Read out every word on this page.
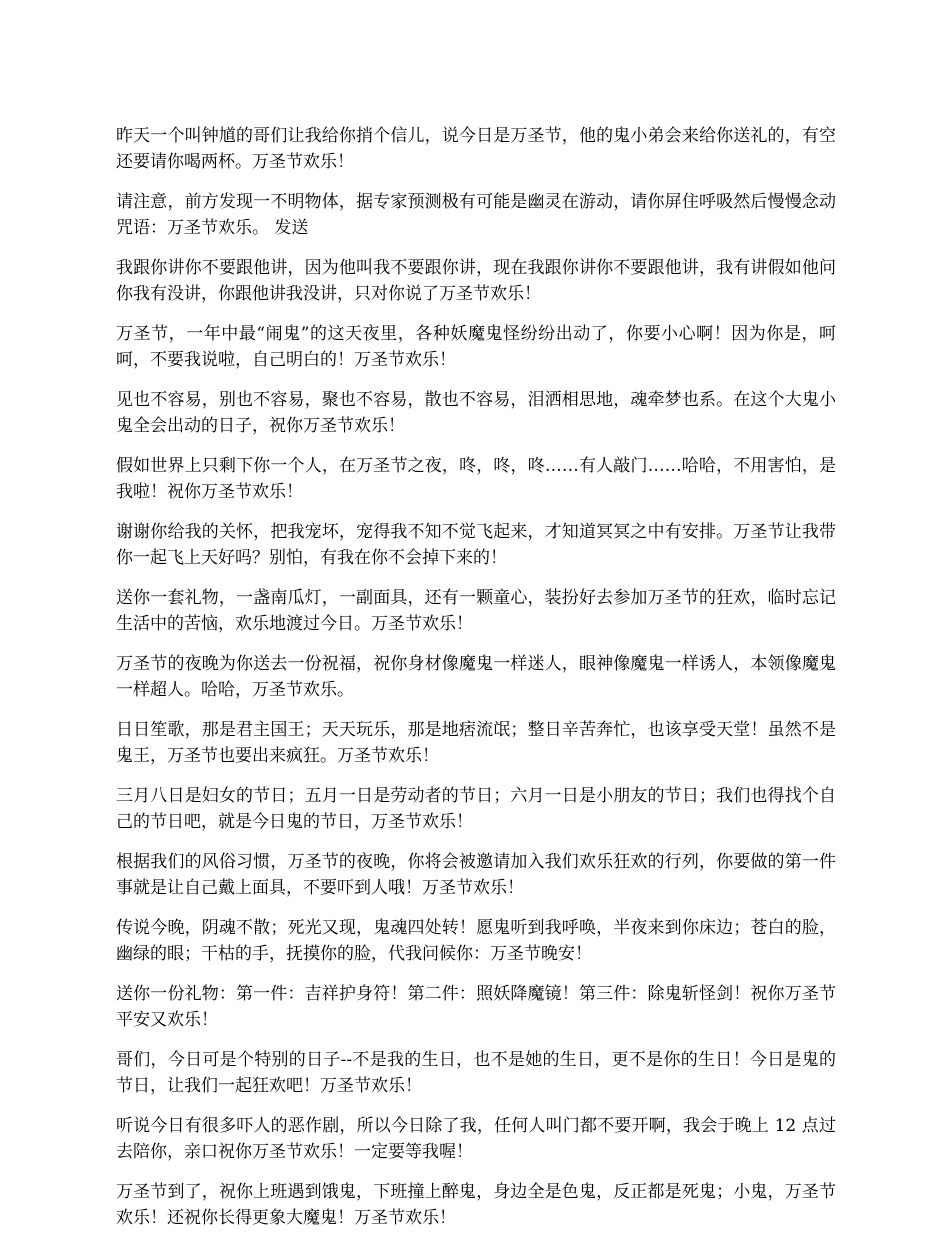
昨天一个叫钟馗的哥们让我给你捎个信儿，说今日是万圣节，他的鬼小弟会来给你送礼的，有空还要请你喝两杯。万圣节欢乐！

请注意，前方发现一不明物体，据专家预测极有可能是幽灵在游动，请你屏住呼吸然后慢慢念动咒语：万圣节欢乐。 发送

我跟你讲你不要跟他讲，因为他叫我不要跟你讲，现在我跟你讲你不要跟他讲，我有讲假如他问你我有没讲，你跟他讲我没讲，只对你说了万圣节欢乐！

万圣节，一年中最“闹鬼”的这天夜里，各种妖魔鬼怪纷纷出动了，你要小心啊！因为你是，呵呵，不要我说啦，自己明白的！万圣节欢乐！

见也不容易，别也不容易，聚也不容易，散也不容易，泪洒相思地，魂牵梦也系。在这个大鬼小鬼全会出动的日子，祝你万圣节欢乐！

假如世界上只剩下你一个人，在万圣节之夜，咚，咚，咚……有人敲门……哈哈，不用害怕，是我啦！祝你万圣节欢乐！

谢谢你给我的关怀，把我宠坏，宠得我不知不觉飞起来，才知道冥冥之中有安排。万圣节让我带你一起飞上天好吗？别怕，有我在你不会掉下来的！

送你一套礼物，一盏南瓜灯，一副面具，还有一颗童心，装扮好去参加万圣节的狂欢，临时忘记生活中的苦恼，欢乐地渡过今日。万圣节欢乐！

万圣节的夜晚为你送去一份祝福，祝你身材像魔鬼一样迷人，眼神像魔鬼一样诱人，本领像魔鬼一样超人。哈哈，万圣节欢乐。

日日笙歌，那是君主国王；天天玩乐，那是地痞流氓；整日辛苦奔忙，也该享受天堂！虽然不是鬼王，万圣节也要出来疯狂。万圣节欢乐！

三月八日是妇女的节日；五月一日是劳动者的节日；六月一日是小朋友的节日；我们也得找个自己的节日吧，就是今日鬼的节日，万圣节欢乐！

根据我们的风俗习惯，万圣节的夜晚，你将会被邀请加入我们欢乐狂欢的行列，你要做的第一件事就是让自己戴上面具，不要吓到人哦！万圣节欢乐！

传说今晚，阴魂不散；死光又现，鬼魂四处转！愿鬼听到我呼唤，半夜来到你床边；苍白的脸，幽绿的眼；干枯的手，抚摸你的脸，代我问候你：万圣节晚安！

送你一份礼物：第一件：吉祥护身符！第二件：照妖降魔镜！第三件：除鬼斩怪剑！祝你万圣节平安又欢乐！

哥们，今日可是个特别的日子--不是我的生日，也不是她的生日，更不是你的生日！今日是鬼的节日，让我们一起狂欢吧！万圣节欢乐！

听说今日有很多吓人的恶作剧，所以今日除了我，任何人叫门都不要开啊，我会于晚上 12 点过去陪你，亲口祝你万圣节欢乐！一定要等我喔！

万圣节到了，祝你上班遇到饿鬼，下班撞上醉鬼，身边全是色鬼，反正都是死鬼；小鬼，万圣节欢乐！还祝你长得更象大魔鬼！万圣节欢乐！
